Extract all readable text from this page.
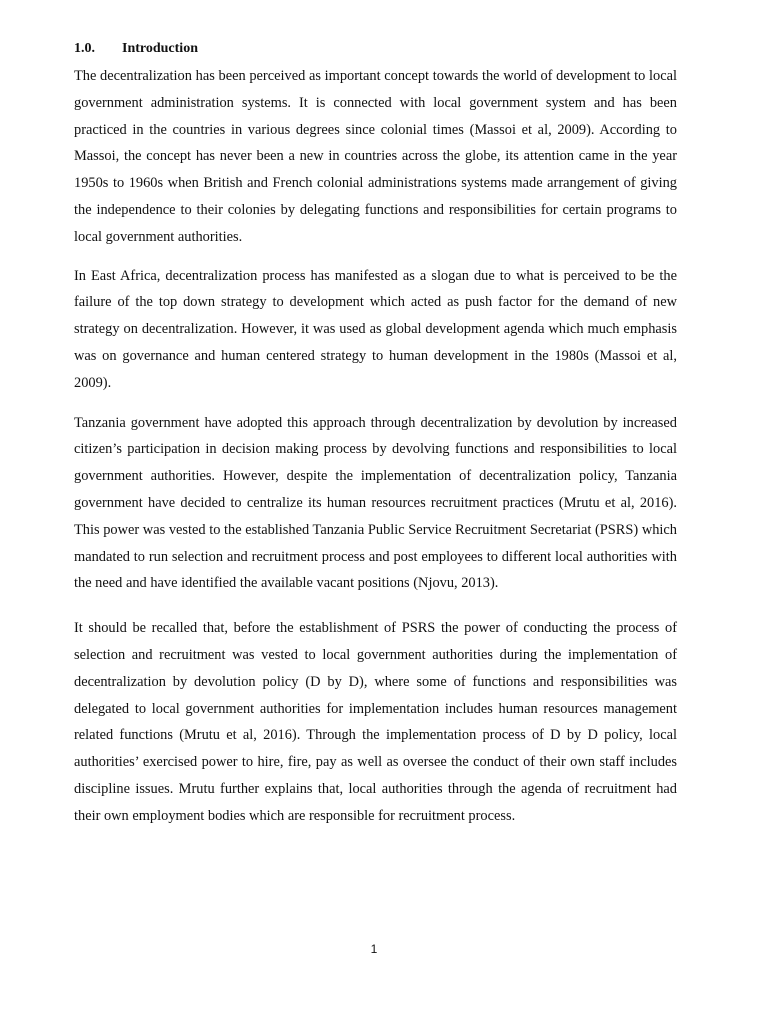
1.0.	Introduction

The decentralization has been perceived as important concept towards the world of development to local government administration systems. It is connected with local government system and has been practiced in the countries in various degrees since colonial times (Massoi et al, 2009). According to Massoi, the concept has never been a new in countries across the globe, its attention came in the year 1950s to 1960s when British and French colonial administrations systems made arrangement of giving the independence to their colonies by delegating functions and responsibilities for certain programs to local government authorities.

In East Africa, decentralization process has manifested as a slogan due to what is perceived to be the failure of the top down strategy to development which acted as push factor for the demand of new strategy on decentralization. However, it was used as global development agenda which much emphasis was on governance and human centered strategy to human development in the 1980s (Massoi et al, 2009).

Tanzania government have adopted this approach through decentralization by devolution by increased citizen’s participation in decision making process by devolving functions and responsibilities to local government authorities. However, despite the implementation of decentralization policy, Tanzania government have decided to centralize its human resources recruitment practices (Mrutu et al, 2016). This power was vested to the established Tanzania Public Service Recruitment Secretariat (PSRS) which mandated to run selection and recruitment process and post employees to different local authorities with the need and have identified the available vacant positions (Njovu, 2013).

It should be recalled that, before the establishment of PSRS the power of conducting the process of selection and recruitment was vested to local government authorities during the implementation of decentralization by devolution policy (D by D), where some of functions and responsibilities was delegated to local government authorities for implementation includes human resources management related functions (Mrutu et al, 2016). Through the implementation process of D by D policy, local authorities’ exercised power to hire, fire, pay as well as oversee the conduct of their own staff includes discipline issues. Mrutu further explains that, local authorities through the agenda of recruitment had their own employment bodies which are responsible for recruitment process.

1
